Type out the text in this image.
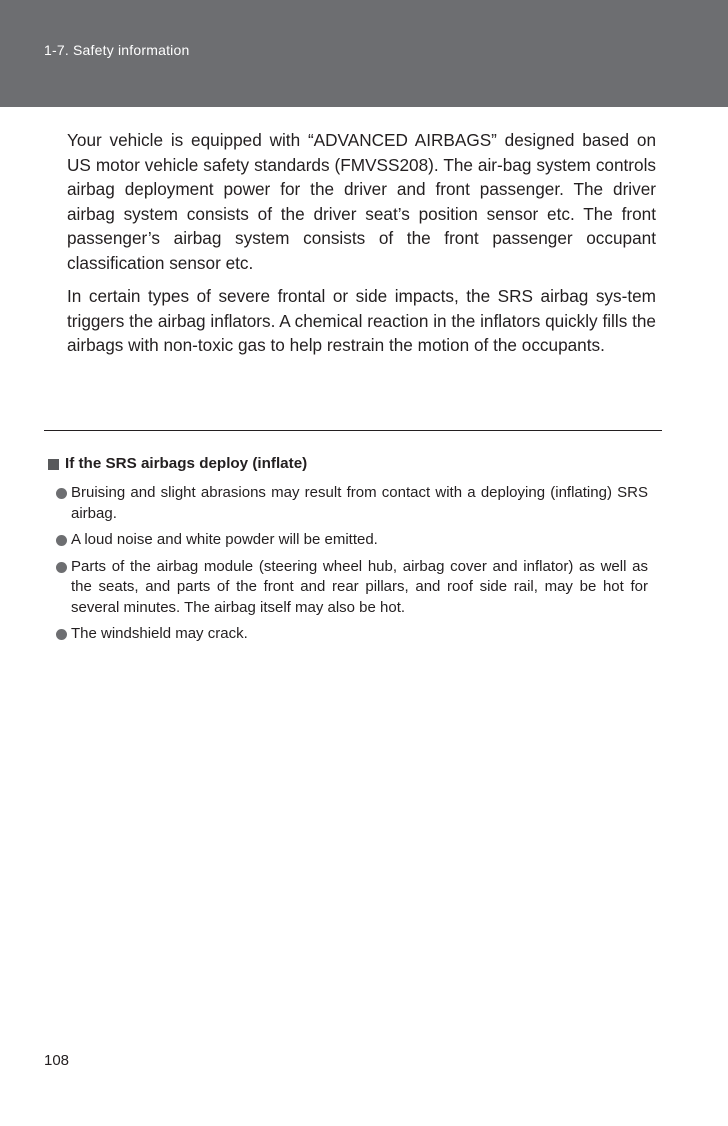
1-7. Safety information

Your vehicle is equipped with “ADVANCED AIRBAGS” designed based on US motor vehicle safety standards (FMVSS208). The air-bag system controls airbag deployment power for the driver and front passenger. The driver airbag system consists of the driver seat’s position sensor etc. The front passenger’s airbag system consists of the front passenger occupant classification sensor etc.

In certain types of severe frontal or side impacts, the SRS airbag sys-tem triggers the airbag inflators. A chemical reaction in the inflators quickly fills the airbags with non-toxic gas to help restrain the motion of the occupants.

If the SRS airbags deploy (inflate)
Bruising and slight abrasions may result from contact with a deploying (inflating) SRS airbag.
A loud noise and white powder will be emitted.
Parts of the airbag module (steering wheel hub, airbag cover and inflator) as well as the seats, and parts of the front and rear pillars, and roof side rail, may be hot for several minutes. The airbag itself may also be hot.
The windshield may crack.
108
